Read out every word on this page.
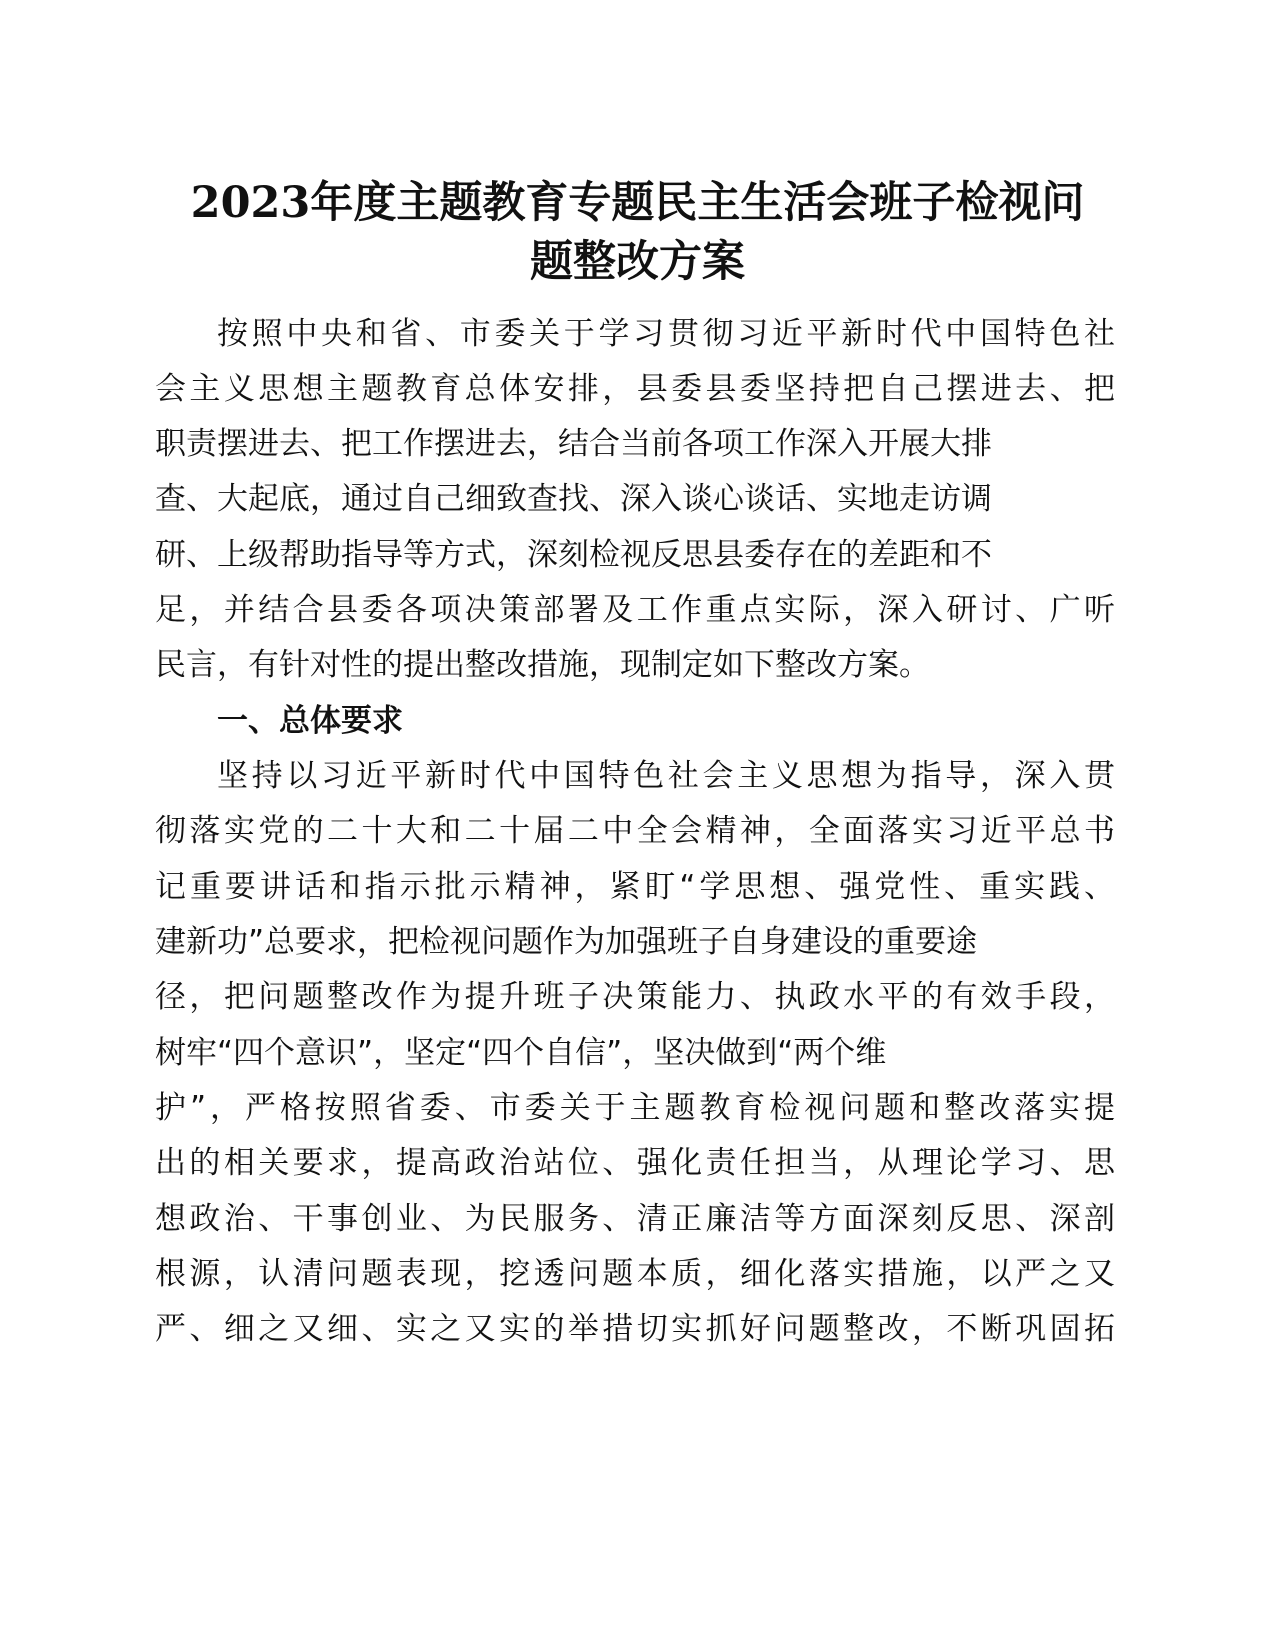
2023年度主题教育专题民主生活会班子检视问
题整改方案
按照中央和省、市委关于学习贯彻习近平新时代中国特色社
会主义思想主题教育总体安排，县委县委坚持把自己摆进去、把
职责摆进去、把工作摆进去，结合当前各项工作深入开展大排
查、大起底，通过自己细致查找、深入谈心谈话、实地走访调
研、上级帮助指导等方式，深刻检视反思县委存在的差距和不
足，并结合县委各项决策部署及工作重点实际，深入研讨、广听
民言，有针对性的提出整改措施，现制定如下整改方案。
一、总体要求
坚持以习近平新时代中国特色社会主义思想为指导，深入贯
彻落实党的二十大和二十届二中全会精神，全面落实习近平总书
记重要讲话和指示批示精神，紧盯“学思想、强党性、重实践、
建新功”总要求，把检视问题作为加强班子自身建设的重要途
径，把问题整改作为提升班子决策能力、执政水平的有效手段，
树牢“四个意识”，坚定“四个自信”，坚决做到“两个维
护”，严格按照省委、市委关于主题教育检视问题和整改落实提
出的相关要求，提高政治站位、强化责任担当，从理论学习、思
想政治、干事创业、为民服务、清正廉洁等方面深刻反思、深剖
根源，认清问题表现，挖透问题本质，细化落实措施，以严之又
严、细之又细、实之又实的举措切实抓好问题整改，不断巩固拓
